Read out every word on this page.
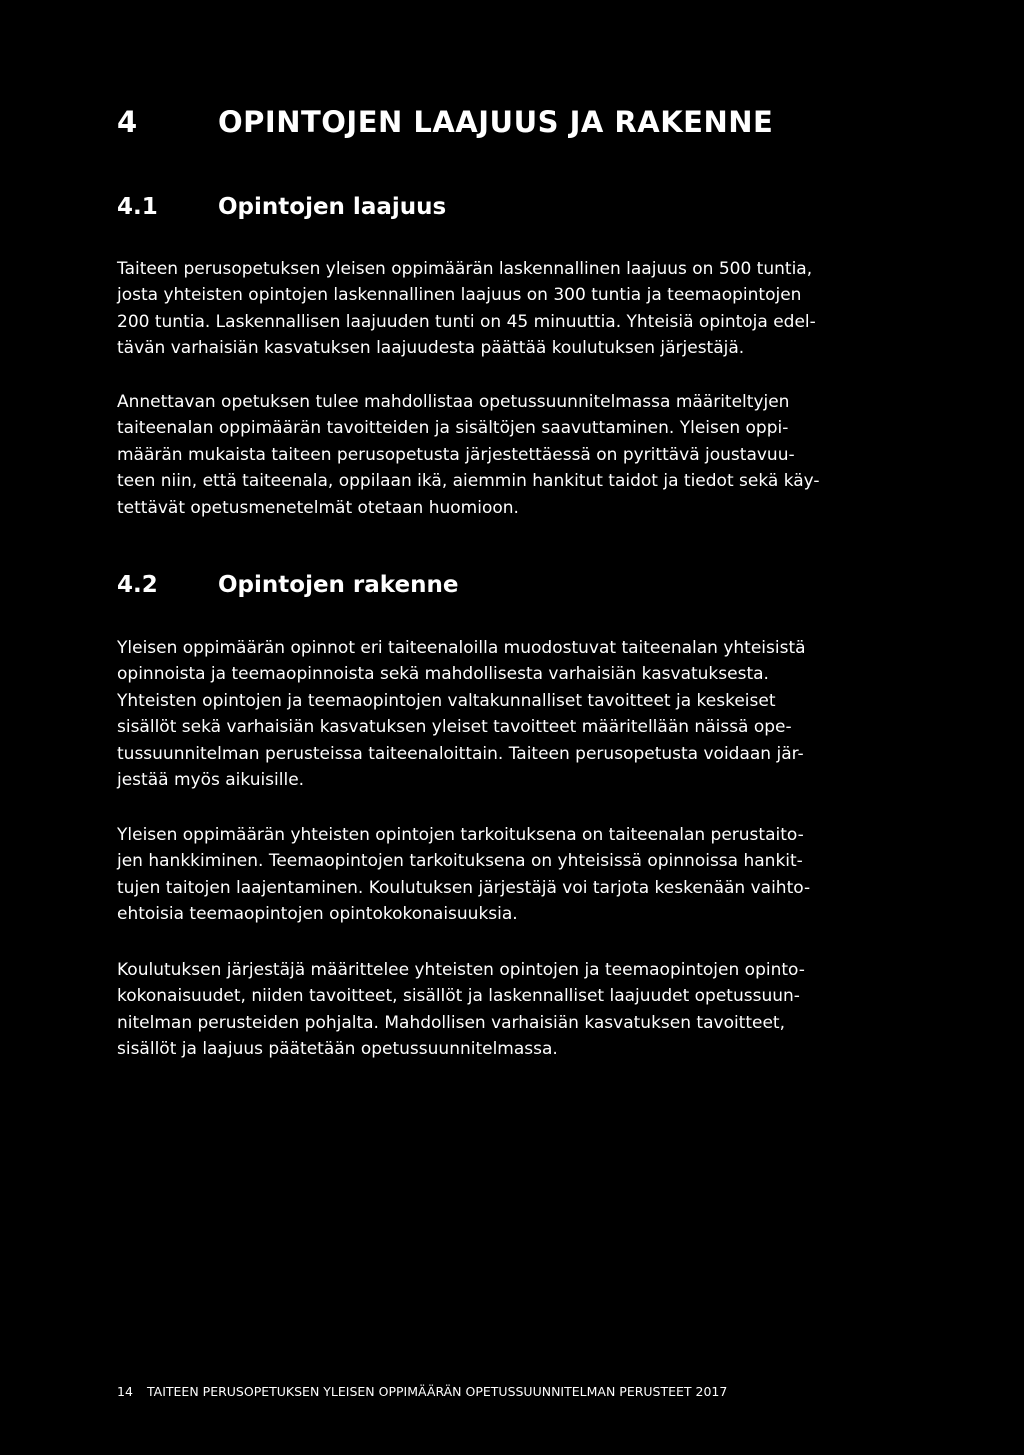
4	OPINTOJEN LAAJUUS JA RAKENNE
4.1	Opintojen laajuus

Taiteen perusopetuksen yleisen oppimäärän laskennallinen laajuus on 500 tuntia,
josta yhteisten opintojen laskennallinen laajuus on 300 tuntia ja teemaopintojen
200 tuntia. Laskennallisen laajuuden tunti on 45 minuuttia. Yhteisiä opintoja edel-
tävän varhaisiän kasvatuksen laajuudesta päättää koulutuksen järjestäjä.

Annettavan opetuksen tulee mahdollistaa opetussuunnitelmassa määriteltyjen
taiteenalan oppimäärän tavoitteiden ja sisältöjen saavuttaminen. Yleisen oppi-
määrän mukaista taiteen perusopetusta järjestettäessä on pyrittävä joustavuu-
teen niin, että taiteenala, oppilaan ikä, aiemmin hankitut taidot ja tiedot sekä käy-
tettävät opetusmenetelmät otetaan huomioon.

4.2	Opintojen rakenne

Yleisen oppimäärän opinnot eri taiteenaloilla muodostuvat taiteenalan yhteisistä
opinnoista ja teemaopinnoista sekä mahdollisesta varhaisiän kasvatuksesta.
Yhteisten opintojen ja teemaopintojen valtakunnalliset tavoitteet ja keskeiset
sisällöt sekä varhaisiän kasvatuksen yleiset tavoitteet määritellään näissä ope-
tussuunnitelman perusteissa taiteenaloittain. Taiteen perusopetusta voidaan jär-
jestää myös aikuisille.

Yleisen oppimäärän yhteisten opintojen tarkoituksena on taiteenalan perustaito-
jen hankkiminen. Teemaopintojen tarkoituksena on yhteisissä opinnoissa hankit-
tujen taitojen laajentaminen. Koulutuksen järjestäjä voi tarjota keskenään vaihto-
ehtoisia teemaopintojen opintokokonaisuuksia.

Koulutuksen järjestäjä määrittelee yhteisten opintojen ja teemaopintojen opinto-
kokonaisuudet, niiden tavoitteet, sisällöt ja laskennalliset laajuudet opetussuun-
nitelman perusteiden pohjalta. Mahdollisen varhaisiän kasvatuksen tavoitteet,
sisällöt ja laajuus päätetään opetussuunnitelmassa.

14 TAITEEN PERUSOPETUKSEN YLEISEN OPPIMÄÄRÄN OPETUSSUUNNITELMAN PERUSTEET 2017
